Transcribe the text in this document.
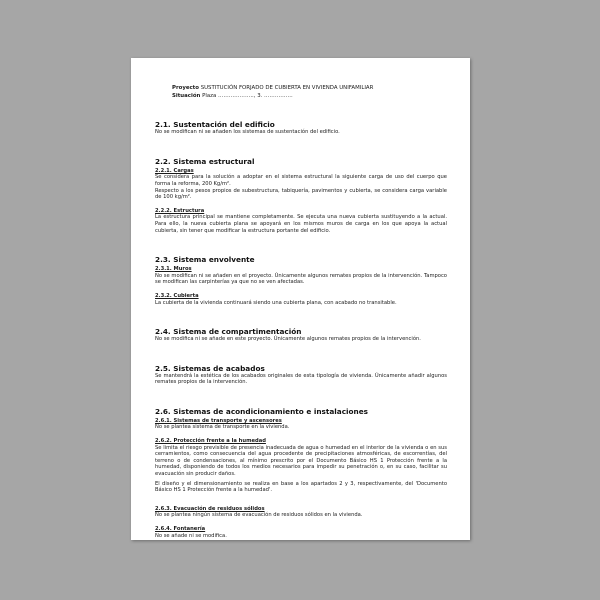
Proyecto SUSTITUCIÓN FORJADO DE CUBIERTA EN VIVIENDA UNIFAMILIAR
Situación Plaza ……………….., 3. …………….
2.1. Sustentación del edificio

No se modifican ni se añaden los sistemas de sustentación del edificio.

2.2. Sistema estructural
2.2.1. Cargas

Se considera para la solución a adoptar en el sistema estructural la siguiente carga de uso del cuerpo que forma la reforma, 200 Kg/m².

Respecto a los pesos propios de subestructura, tabiquería, pavimentos y cubierta, se considera carga variable de 100 kg/m².

2.2.2. Estructura

La estructura principal se mantiene completamente. Se ejecuta una nueva cubierta sustituyendo a la actual. Para ello, la nueva cubierta plana se apoyará en los mismos muros de carga en los que apoya la actual cubierta, sin tener que modificar la estructura portante del edificio.

2.3. Sistema envolvente
2.3.1. Muros

No se modifican ni se añaden en el proyecto. Únicamente algunos remates propios de la intervención. Tampoco se modifican las carpinterías ya que no se ven afectadas.

2.3.2. Cubierta

La cubierta de la vivienda continuará siendo una cubierta plana, con acabado no transitable.

2.4. Sistema de compartimentación

No se modifica ni se añade en este proyecto. Únicamente algunos remates propios de la intervención.

2.5. Sistemas de acabados

Se mantendrá la estética de los acabados originales de esta tipología de vivienda. Únicamente añadir algunos remates propios de la intervención.

2.6. Sistemas de acondicionamiento e instalaciones
2.6.1. Sistemas de transporte y ascensores

No se plantea sistema de transporte en la vivienda.

2.6.2. Protección frente a la humedad

Se limita el riesgo previsible de presencia inadecuada de agua o humedad en el interior de la vivienda o en sus cerramientos, como consecuencia del agua procedente de precipitaciones atmosféricas, de escorrentías, del terreno o de condensaciones, al mínimo prescrito por el Documento Básico HS 1 Protección frente a la humedad, disponiendo de todos los medios necesarios para impedir su penetración o, en su caso, facilitar su evacuación sin producir daños.

El diseño y el dimensionamiento se realiza en base a los apartados 2 y 3, respectivamente, del 'Documento Básico HS 1 Protección frente a la humedad'.

2.6.3. Evacuación de residuos sólidos

No se plantea ningún sistema de evacuación de residuos sólidos en la vivienda.

2.6.4. Fontanería

No se añade ni se modifica.
